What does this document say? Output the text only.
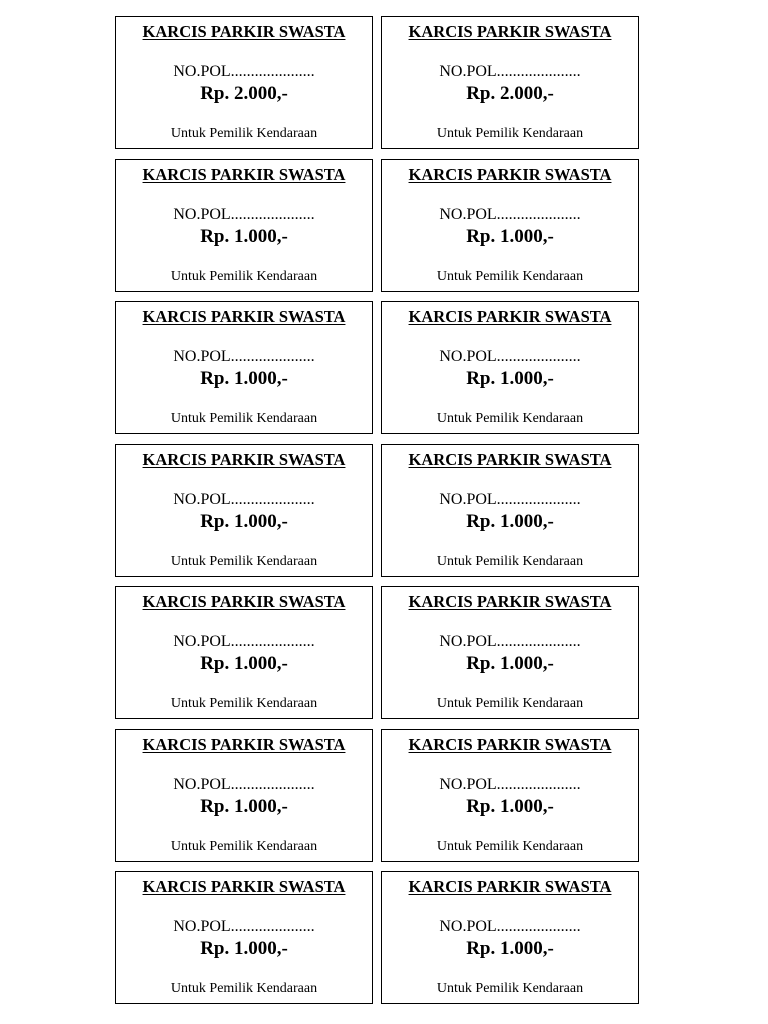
KARCIS PARKIR SWASTA
NO.POL.....................
Rp. 2.000,-
Untuk Pemilik Kendaraan
KARCIS PARKIR SWASTA
NO.POL.....................
Rp. 2.000,-
Untuk Pemilik Kendaraan
KARCIS PARKIR SWASTA
NO.POL.....................
Rp. 1.000,-
Untuk Pemilik Kendaraan
KARCIS PARKIR SWASTA
NO.POL.....................
Rp. 1.000,-
Untuk Pemilik Kendaraan
KARCIS PARKIR SWASTA
NO.POL.....................
Rp. 1.000,-
Untuk Pemilik Kendaraan
KARCIS PARKIR SWASTA
NO.POL.....................
Rp. 1.000,-
Untuk Pemilik Kendaraan
KARCIS PARKIR SWASTA
NO.POL.....................
Rp. 1.000,-
Untuk Pemilik Kendaraan
KARCIS PARKIR SWASTA
NO.POL.....................
Rp. 1.000,-
Untuk Pemilik Kendaraan
KARCIS PARKIR SWASTA
NO.POL.....................
Rp. 1.000,-
Untuk Pemilik Kendaraan
KARCIS PARKIR SWASTA
NO.POL.....................
Rp. 1.000,-
Untuk Pemilik Kendaraan
KARCIS PARKIR SWASTA
NO.POL.....................
Rp. 1.000,-
Untuk Pemilik Kendaraan
KARCIS PARKIR SWASTA
NO.POL.....................
Rp. 1.000,-
Untuk Pemilik Kendaraan
KARCIS PARKIR SWASTA
NO.POL.....................
Rp. 1.000,-
Untuk Pemilik Kendaraan
KARCIS PARKIR SWASTA
NO.POL.....................
Rp. 1.000,-
Untuk Pemilik Kendaraan
